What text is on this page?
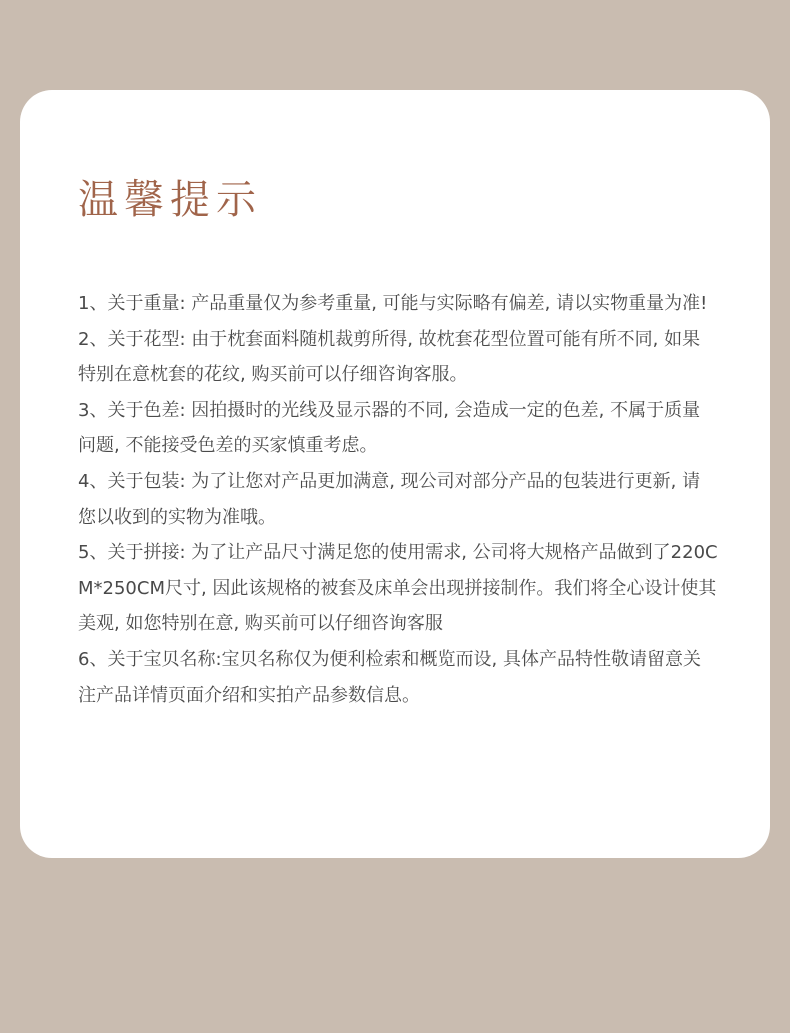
温馨提示
1、关于重量: 产品重量仅为参考重量, 可能与实际略有偏差, 请以实物重量为准!
2、关于花型: 由于枕套面料随机裁剪所得, 故枕套花型位置可能有所不同, 如果特别在意枕套的花纹, 购买前可以仔细咨询客服。
3、关于色差: 因拍摄时的光线及显示器的不同, 会造成一定的色差, 不属于质量问题, 不能接受色差的买家慎重考虑。
4、关于包装: 为了让您对产品更加满意, 现公司对部分产品的包装进行更新, 请您以收到的实物为准哦。
5、关于拼接: 为了让产品尺寸满足您的使用需求, 公司将大规格产品做到了220CM*250CM尺寸, 因此该规格的被套及床单会出现拼接制作。我们将全心设计使其美观, 如您特别在意, 购买前可以仔细咨询客服
6、关于宝贝名称:宝贝名称仅为便利检索和概览而设, 具体产品特性敬请留意关注产品详情页面介绍和实拍产品参数信息。
